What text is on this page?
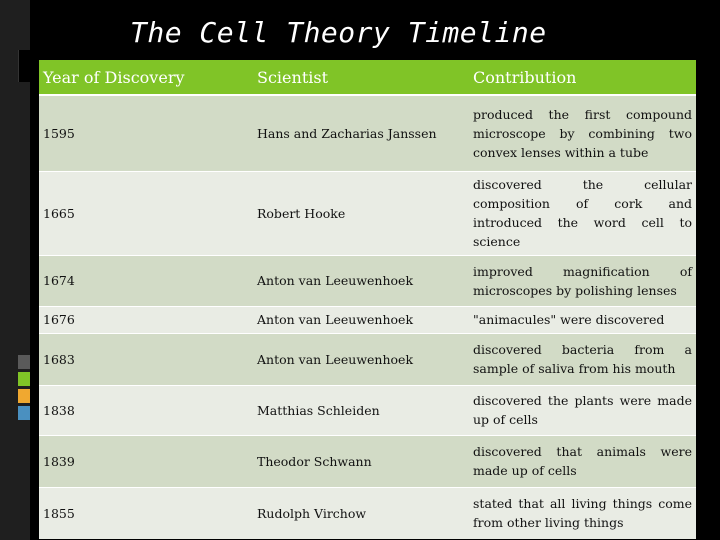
The Cell Theory Timeline
Year of Discovery	Scientist	Contribution
1595	Hans and Zacharias Janssen	produced the first compound microscope by combining two convex lenses within a tube
1665	Robert Hooke	discovered the cellular composition of cork and introduced the word cell to science
1674	Anton van Leeuwenhoek	improved magnification of microscopes by polishing lenses
1676	Anton van Leeuwenhoek	"animacules" were discovered
1683	Anton van Leeuwenhoek	discovered bacteria from a sample of saliva from his mouth
1838	Matthias Schleiden	discovered the plants were made up of cells
1839	Theodor Schwann	discovered that animals were made up of cells
1855	Rudolph Virchow	stated that all living things come from other living things
